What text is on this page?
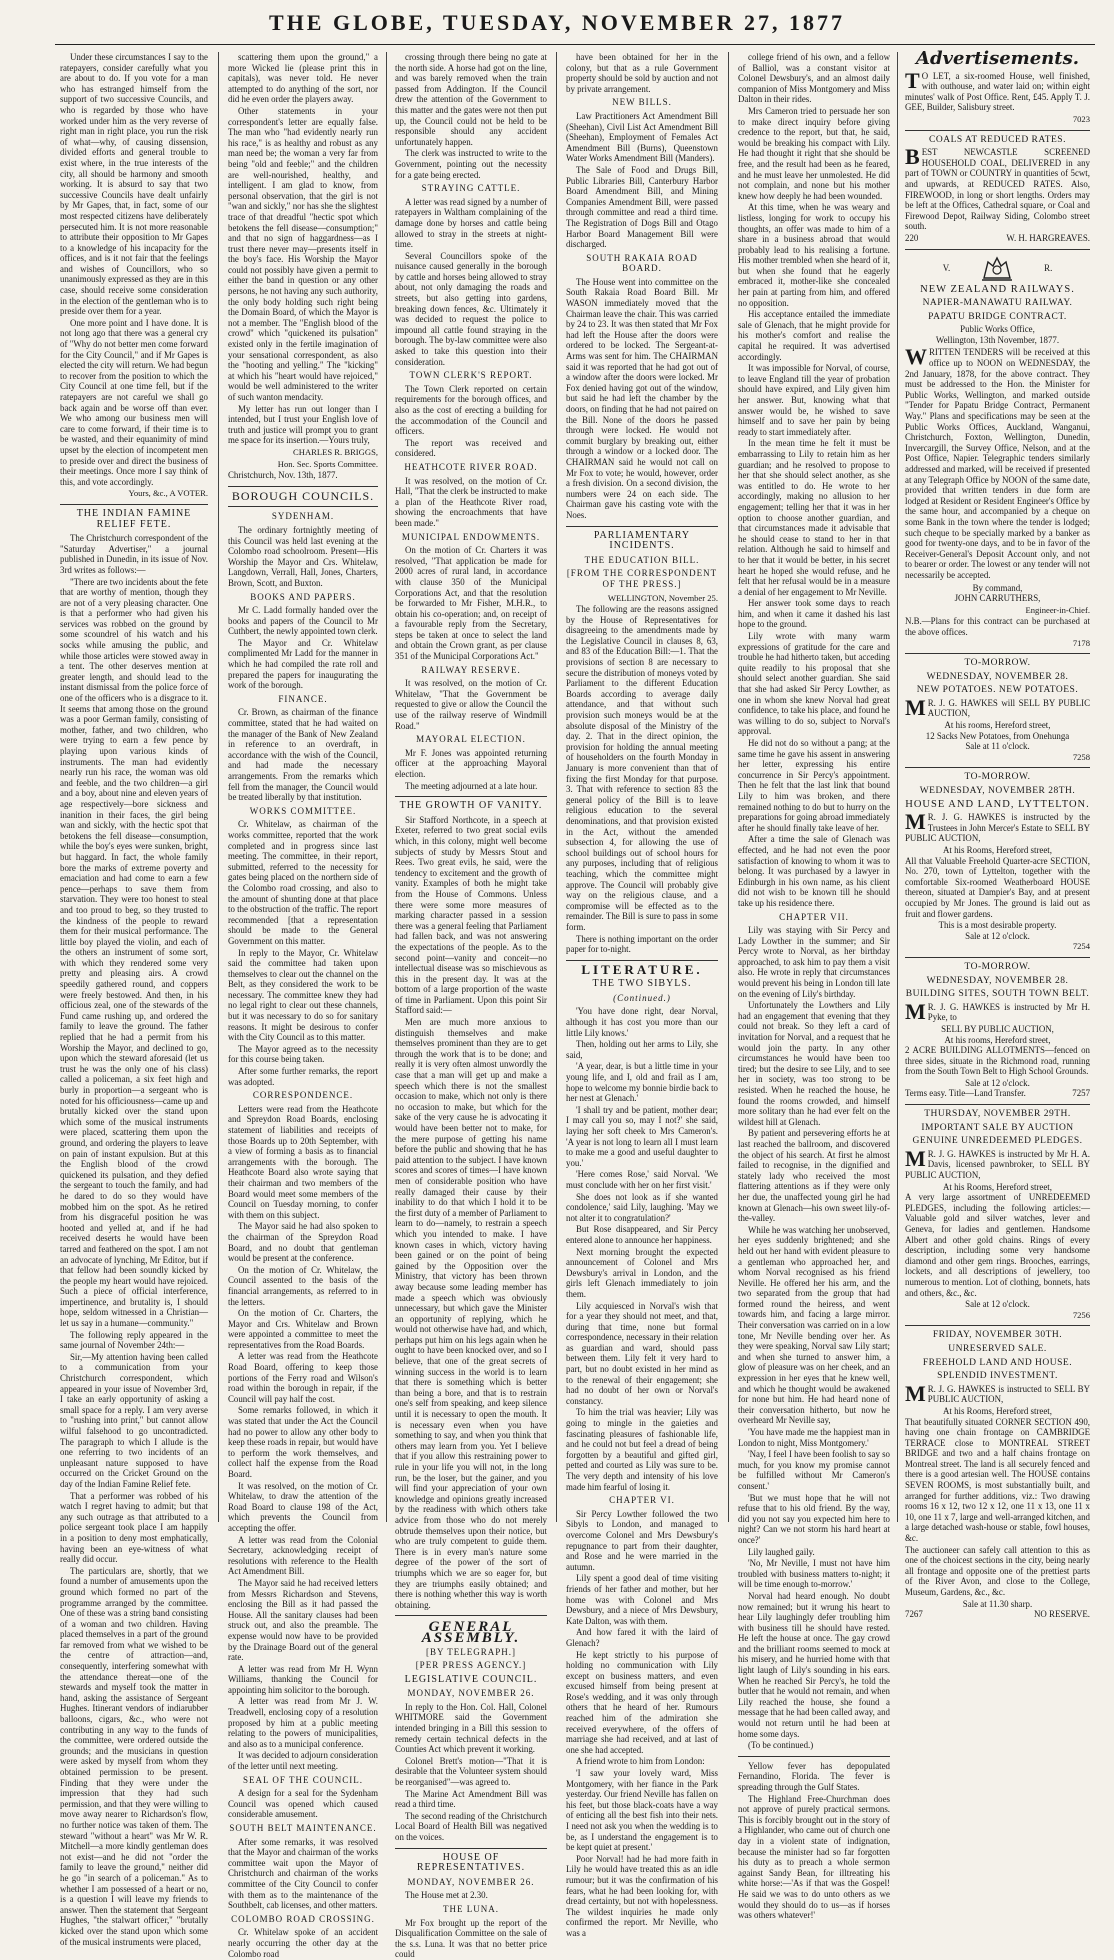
THE GLOBE, TUESDAY, NOVEMBER 27, 1877

Under these circumstances I say to the ratepayers, consider carefully what you are about to do. If you vote for a man who has estranged himself from the support of two successive Councils, and who is regarded by those who have worked under him as the very reverse of right man in right place, you run the risk of what—why, of causing dissension, divided efforts and general trouble to exist where, in the true interests of the city, all should be harmony and smooth working. It is absurd to say that two successive Councils have dealt unfairly by Mr Gapes, that, in fact, some of our most respected citizens have deliberately persecuted him. It is not more reasonable to attribute their opposition to Mr Gapes to a knowledge of his incapacity for the offices, and is it not fair that the feelings and wishes of Councillors, who so unanimously expressed as they are in this case, should receive some consideration in the election of the gentleman who is to preside over them for a year.

One more point and I have done. It is not long ago that there was a general cry of "Why do not better men come forward for the City Council," and if Mr Gapes is elected the city will return. We had begun to recover from the position to which the City Council at one time fell, but if the ratepayers are not careful we shall go back again and be worse off than ever. We who among our business men will care to come forward, if their time is to be wasted, and their equanimity of mind upset by the election of incompetent men to preside over and direct the business of their meetings. Once more I say think of this, and vote accordingly.

Yours, &c., A VOTER.
THE INDIAN FAMINE RELIEF FETE.

The Christchurch correspondent of the "Saturday Advertiser," a journal published in Dunedin, in its issue of Nov. 3rd writes as follows:—

"There are two incidents about the fete that are worthy of mention, though they are not of a very pleasing character. One is that a performer who had given his services was robbed on the ground by some scoundrel of his watch and his socks while amusing the public, and while those articles were stowed away in a tent. The other deserves mention at greater length, and should lead to the instant dismissal from the police force of one of the officers who is a disgrace to it. It seems that among those on the ground was a poor German family, consisting of mother, father, and two children, who were trying to earn a few pence by playing upon various kinds of instruments. The man had evidently nearly run his race, the woman was old and feeble, and the two children—a girl and a boy, about nine and eleven years of age respectively—bore sickness and inanition in their faces, the girl being wan and sickly, with the hectic spot that betokens the fell disease—consumption, while the boy's eyes were sunken, bright, but haggard. In fact, the whole family bore the marks of extreme poverty and emaciation and had come to earn a few pence—perhaps to save them from starvation. They were too honest to steal and too proud to beg, so they trusted to the kindness of the people to reward them for their musical performance. The little boy played the violin, and each of the others an instrument of some sort, with which they rendered some very pretty and pleasing airs. A crowd speedily gathered round, and coppers were freely bestowed. And then, in his officious zeal, one of the stewards of the Fund came rushing up, and ordered the family to leave the ground. The father replied that he had a permit from his Worship the Mayor, and declined to go, upon which the steward aforesaid (let us trust he was the only one of his class) called a policeman, a six feet high and burly in proportion—a sergeant who is noted for his officiousness—came up and brutally kicked over the stand upon which some of the musical instruments were placed, scattering them upon the ground, and ordering the players to leave on pain of instant expulsion. But at this the English blood of the crowd quickened its pulsation, and they defied the sergeant to touch the family, and had he dared to do so they would have mobbed him on the spot. As he retired from his disgraceful position he was hooted and yelled at, and if he had received deserts he would have been tarred and feathered on the spot. I am not an advocate of lynching, Mr Editor, but if that fellow had been soundly kicked by the people my heart would have rejoiced. Such a piece of official interference, impertinence, and brutality is, I should hope, seldom witnessed in a Christian—let us say in a humane—community."

The following reply appeared in the same journal of November 24th:—

Sir,—My attention having been called to a communication from your Christchurch correspondent, which appeared in your issue of November 3rd, I take an early opportunity of asking a small space for a reply. I am very averse to "rushing into print," but cannot allow wilful falsehood to go uncontradicted. The paragraph to which I allude is the one referring to two incidents of an unpleasant nature supposed to have occurred on the Cricket Ground on the day of the Indian Famine Relief fete.

That a performer was robbed of his watch I regret having to admit; but that any such outrage as that attributed to a police sergeant took place I am happily in a position to deny most emphatically, having been an eye-witness of what really did occur.

The particulars are, shortly, that we found a number of amusements upon the ground which formed no part of the programme arranged by the committee. One of these was a string band consisting of a woman and two children. Having placed themselves in a part of the ground far removed from what we wished to be the centre of attraction—and, consequently, interfering somewhat with the attendance thereat—one of the stewards and myself took the matter in hand, asking the assistance of Sergeant Hughes. Itinerant vendors of indiarubber balloons, cigars, &c., who were not contributing in any way to the funds of the committee, were ordered outside the grounds; and the musicians in question were asked by myself from whom they obtained permission to be present. Finding that they were under the impression that they had such permission, and that they were willing to move away nearer to Richardson's flow, no further notice was taken of them. The steward "without a heart" was Mr W. R. Mitchell—a more kindly gentleman does not exist—and he did not "order the family to leave the ground," neither did he go "in search of a policeman." As to whether I am possessed of a heart or no, is a question I will leave my friends to answer. Then the statement that Sergeant Hughes, "the stalwart officer," "brutally kicked over the stand upon which some of the musical instruments were placed,

scattering them upon the ground," a more Wicked lie (please print this in capitals), was never told. He never attempted to do anything of the sort, nor did he even order the players away.

Other statements in your correspondent's letter are equally false. The man who "had evidently nearly run his race," is as healthy and robust as any man need be; the woman a very far from being "old and feeble;" and the children are well-nourished, healthy, and intelligent. I am glad to know, from personal observation, that the girl is not "wan and sickly," nor has she the slightest trace of that dreadful "hectic spot which betokens the fell disease—consumption;" and that no sign of haggardness—as I trust there never may—presents itself in the boy's face. His Worship the Mayor could not possibly have given a permit to either the band in question or any other persons, he not having any such authority, the only body holding such right being the Domain Board, of which the Mayor is not a member. The "English blood of the crowd" which "quickened its pulsation" existed only in the fertile imagination of your sensational correspondent, as also the "hooting and yelling." The "kicking" at which his "heart would have rejoiced," would be well administered to the writer of such wanton mendacity.

My letter has run out longer than I intended, but I trust your English love of truth and justice will prompt you to grant me space for its insertion.—Yours truly,

CHARLES R. BRIGGS,
Hon. Sec. Sports Committee.
Christchurch, Nov. 13th, 1877.
BOROUGH COUNCILS.
SYDENHAM.

The ordinary fortnightly meeting of this Council was held last evening at the Colombo road schoolroom. Present—His Worship the Mayor and Crs. Whitelaw, Langdown, Verrall, Hall, Jones, Charters, Brown, Scott, and Buxton.

BOOKS AND PAPERS.

Mr C. Ladd formally handed over the books and papers of the Council to Mr Cuthbert, the newly appointed town clerk.

The Mayor and Cr. Whitelaw complimented Mr Ladd for the manner in which he had compiled the rate roll and prepared the papers for inaugurating the work of the borough.

FINANCE.

Cr. Brown, as chairman of the finance committee, stated that he had waited on the manager of the Bank of New Zealand in reference to an overdraft, in accordance with the wish of the Council, and had made the necessary arrangements. From the remarks which fell from the manager, the Council would be treated liberally by that institution.

WORKS COMMITTEE.

Cr. Whitelaw, as chairman of the works committee, reported that the work completed and in progress since last meeting. The committee, in their report, submitted, referred to the necessity for gates being placed on the northern side of the Colombo road crossing, and also to the amount of shunting done at that place to the obstruction of the traffic. The report recommended [that a representation should be made to the General Government on this matter.

In reply to the Mayor, Cr. Whitelaw said the committee had taken upon themselves to clear out the channel on the Belt, as they considered the work to be necessary. The committee knew they had no legal right to clear out these channels, but it was necessary to do so for sanitary reasons. It might be desirous to confer with the City Council as to this matter.

The Mayor agreed as to the necessity for this course being taken.

After some further remarks, the report was adopted.

CORRESPONDENCE.

Letters were read from the Heathcote and Spreydon Road Boards, enclosing statement of liabilities and receipts of those Boards up to 20th September, with a view of forming a basis as to financial arrangements with the borough. The Heathcote Board also wrote saying that their chairman and two members of the Board would meet some members of the Council on Tuesday morning, to confer with them on this subject.

The Mayor said he had also spoken to the chairman of the Spreydon Road Board, and no doubt that gentleman would be present at the conference.

On the motion of Cr. Whitelaw, the Council assented to the basis of the financial arrangements, as referred to in the letters.

On the motion of Cr. Charters, the Mayor and Crs. Whitelaw and Brown were appointed a committee to meet the representatives from the Road Boards.

A letter was read from the Heathcote Road Board, offering to keep those portions of the Ferry road and Wilson's road within the borough in repair, if the Council will pay half the cost.

Some remarks followed, in which it was stated that under the Act the Council had no power to allow any other body to keep these roads in repair, but would have to perform the work themselves, and collect half the expense from the Road Board.

It was resolved, on the motion of Cr. Whitelaw, to draw the attention of the Road Board to clause 198 of the Act, which prevents the Council from accepting the offer.

A letter was read from the Colonial Secretary, acknowledging receipt of resolutions with reference to the Health Act Amendment Bill.

The Mayor said he had received letters from Messrs Richardson and Stevens, enclosing the Bill as it had passed the House. All the sanitary clauses had been struck out, and also the preamble. The expense would now have to be provided by the Drainage Board out of the general rate.

A letter was read from Mr H. Wynn Williams, thanking the Council for appointing him solicitor to the borough.

A letter was read from Mr J. W. Treadwell, enclosing copy of a resolution proposed by him at a public meeting relating to the powers of municipalities, and also as to a municipal conference.

It was decided to adjourn consideration of the letter until next meeting.

SEAL OF THE COUNCIL.

A design for a seal for the Sydenham Council was opened which caused considerable amusement.

SOUTH BELT MAINTENANCE.

After some remarks, it was resolved that the Mayor and chairman of the works committee wait upon the Mayor of Christchurch and chairman of the works committee of the City Council to confer with them as to the maintenance of the Southbelt, cab licenses, and other matters.

COLOMBO ROAD CROSSING.

Cr. Whitelaw spoke of an accident nearly occurring the other day at the Colombo road

crossing through there being no gate at the north side. A horse had got on the line, and was barely removed when the train passed from Addington. If the Council drew the attention of the Government to this matter and the gates were not then put up, the Council could not be held to be responsible should any accident unfortunately happen.

The clerk was instructed to write to the Government, pointing out the necessity for a gate being erected.

STRAYING CATTLE.

A letter was read signed by a number of ratepayers in Waltham complaining of the damage done by horses and cattle being allowed to stray in the streets at night-time.

Several Councillors spoke of the nuisance caused generally in the borough by cattle and horses being allowed to stray about, not only damaging the roads and streets, but also getting into gardens, breaking down fences, &c. Ultimately it was decided to request the police to impound all cattle found straying in the borough. The by-law committee were also asked to take this question into their consideration.

TOWN CLERK'S REPORT.

The Town Clerk reported on certain requirements for the borough offices, and also as the cost of erecting a building for the accommodation of the Council and officers.

The report was received and considered.

HEATHCOTE RIVER ROAD.

It was resolved, on the motion of Cr. Hall, "That the clerk be instructed to make a plan of the Heathcote River road, showing the encroachments that have been made."

MUNICIPAL ENDOWMENTS.

On the motion of Cr. Charters it was resolved, "That application be made for 2000 acres of rural land, in accordance with clause 350 of the Municipal Corporations Act, and that the resolution be forwarded to Mr Fisher, M.H.R., to obtain his co-operation; and, on receipt of a favourable reply from the Secretary, steps be taken at once to select the land and obtain the Crown grant, as per clause 351 of the Municipal Corporations Act."

RAILWAY RESERVE.

It was resolved, on the motion of Cr. Whitelaw, "That the Government be requested to give or allow the Council the use of the railway reserve of Windmill Road."

MAYORAL ELECTION.

Mr F. Jones was appointed returning officer at the approaching Mayoral election.

The meeting adjourned at a late hour.

THE GROWTH OF VANITY.

Sir Stafford Northcote, in a speech at Exeter, referred to two great social evils which, in this colony, might well become subjects of study by Messrs Stout and Rees. Two great evils, he said, were the tendency to excitement and the growth of vanity. Examples of both he might take from the House of Commons. Unless there were some more measures of marking character passed in a session there was a general feeling that Parliament had fallen back, and was not answering the expectations of the people. As to the second point—vanity and conceit—no intellectual disease was so mischievous as this in the present day. It was at the bottom of a large proportion of the waste of time in Parliament. Upon this point Sir Stafford said:—

Men are much more anxious to distinguish themselves and make themselves prominent than they are to get through the work that is to be done; and really it is very often almost unwordly the case that a man will get up and make a speech which there is not the smallest occasion to make, which not only is there no occasion to make, but which for the sake of the very cause he is advocating it would have been better not to make, for the mere purpose of getting his name before the public and showing that he has paid attention to the subject. I have known scores and scores of times—I have known men of considerable position who have really damaged their cause by their inability to do that which I hold it to be the first duty of a member of Parliament to learn to do—namely, to restrain a speech which you intended to make. I have known cases in which, victory having been gained or on the point of being gained by the Opposition over the Ministry, that victory has been thrown away because some leading member has made a speech which was obviously unnecessary, but which gave the Minister an opportunity of replying, which he would not otherwise have had, and which, perhaps put him on his legs again when he ought to have been knocked over, and so I believe, that one of the great secrets of winning success in the world is to learn that there is something which is better than being a bore, and that is to restrain one's self from speaking, and keep silence until it is necessary to open the mouth. It is necessary even when you have something to say, and when you think that others may learn from you. Yet I believe that if you allow this restraining power to rule in your life you will not, in the long run, be the loser, but the gainer, and you will find your appreciation of your own knowledge and opinions greatly increased by the readiness with which others take advice from those who do not merely obtrude themselves upon their notice, but who are truly competent to guide them. There is in every man's nature some degree of the power of the sort of triumphs which we are so eager for, but they are triumphs easily obtained; and there is nothing whether this way is worth obtaining.

GENERAL ASSEMBLY.
[BY TELEGRAPH.]
[PER PRESS AGENCY.]
LEGISLATIVE COUNCIL.
MONDAY, NOVEMBER 26.

In reply to the Hon. Col. Hall, Colonel WHITMORE said the Government intended bringing in a Bill this session to remedy certain technical defects in the Counties Act which prevent it working.

Colonel Brett's motion—"That it is desirable that the Volunteer system should be reorganised"—was agreed to.

The Marine Act Amendment Bill was read a third time.

The second reading of the Christchurch Local Board of Health Bill was negatived on the voices.

HOUSE OF REPRESENTATIVES.
MONDAY, NOVEMBER 26.

The House met at 2.30.

THE LUNA.

Mr Fox brought up the report of the Disqualification Committee on the sale of the s.s. Luna. It was that no better price could

have been obtained for her in the colony, but that as a rule Government property should be sold by auction and not by private arrangement.

NEW BILLS.

Law Practitioners Act Amendment Bill (Sheehan), Civil List Act Amendment Bill (Sheehan), Employment of Females Act Amendment Bill (Burns), Queenstown Water Works Amendment Bill (Manders).

The Sale of Food and Drugs Bill, Public Libraries Bill, Canterbury Harbor Board Amendment Bill, and Mining Companies Amendment Bill, were passed through committee and read a third time. The Registration of Dogs Bill and Otago Harbor Board Management Bill were discharged.

SOUTH RAKAIA ROAD BOARD.

The House went into committee on the South Rakaia Road Board Bill. Mr WASON immediately moved that the Chairman leave the chair. This was carried by 24 to 23. It was then stated that Mr Fox had left the House after the doors were ordered to be locked. The Sergeant-at-Arms was sent for him. The CHAIRMAN said it was reported that he had got out of a window after the doors were locked. Mr Fox denied having got out of the window, but said he had left the chamber by the doors, on finding that he had not paired on the Bill. None of the doors he passed through were locked. He would not commit burglary by breaking out, either through a window or a locked door. The CHAIRMAN said he would not call on Mr Fox to vote; he would, however, order a fresh division. On a second division, the numbers were 24 on each side. The Chairman gave his casting vote with the Noes.

PARLIAMENTARY INCIDENTS.
THE EDUCATION BILL.
[FROM THE CORRESPONDENT OF THE PRESS.]
WELLINGTON, November 25.

The following are the reasons assigned by the House of Representatives for disagreeing to the amendments made by the Legislative Council in clauses 8, 63, and 83 of the Education Bill:—1. That the provisions of section 8 are necessary to secure the distribution of moneys voted by Parliament to the different Education Boards according to average daily attendance, and that without such provision such moneys would be at the absolute disposal of the Ministry of the day. 2. That in the direct opinion, the provision for holding the annual meeting of householders on the fourth Monday in January is more convenient than that of fixing the first Monday for that purpose. 3. That with reference to section 83 the general policy of the Bill is to leave religious education to the several denominations, and that provision existed in the Act, without the amended subsection 4, for allowing the use of school buildings out of school hours for any purposes, including that of religious teaching, which the committee might approve. The Council will probably give way on the religious clause, and a compromise will be effected as to the remainder. The Bill is sure to pass in some form.

There is nothing important on the order paper for to-night.

LITERATURE.
THE TWO SIBYLS.
(Continued.)

'You have done right, dear Norval, although it has cost you more than our little Lily knows.'

Then, holding out her arms to Lily, she said,

'A year, dear, is but a little time in your young life, and I, old and frail as I am, hope to welcome my bonnie birdie back to her nest at Glenach.'

'I shall try and be patient, mother dear; I may call you so, may I not?' she said, laying her soft cheek to Mrs Cameron's. 'A year is not long to learn all I must learn to make me a good and useful daughter to you.'

'Here comes Rose,' said Norval. 'We must conclude with her on her first visit.'

She does not look as if she wanted condolence,' said Lily, laughing. 'May we not alter it to congratulation?'

But Rose disappeared, and Sir Percy entered alone to announce her happiness.

Next morning brought the expected announcement of Colonel and Mrs Dewsbury's arrival in London, and the girls left Glenach immediately to join them.

Lily acquiesced in Norval's wish that for a year they should not meet, and that, during that time, none but formal correspondence, necessary in their relation as guardian and ward, should pass between them. Lily felt it very hard to part, but no doubt existed in her mind as to the renewal of their engagement; she had no doubt of her own or Norval's constancy.

To him the trial was heavier; Lily was going to mingle in the gaieties and fascinating pleasures of fashionable life, and he could not but feel a dread of being forgotten by a beautiful and gifted girl, petted and courted as Lily was sure to be. The very depth and intensity of his love made him fearful of losing it.

CHAPTER VI.

Sir Percy Lowther followed the two Sibyls to London, and managed to overcome Colonel and Mrs Dewsbury's repugnance to part from their daughter, and Rose and he were married in the autumn.

Lily spent a good deal of time visiting friends of her father and mother, but her home was with Colonel and Mrs Dewsbury, and a niece of Mrs Dewsbury, Kate Dalton, was with them.

And how fared it with the laird of Glenach?

He kept strictly to his purpose of holding no communication with Lily except on business matters, and even excused himself from being present at Rose's wedding, and it was only through others that he heard of her. Rumours reached him of the admiration she received everywhere, of the offers of marriage she had received, and at last of one she had accepted.

A friend wrote to him from London:

'I saw your lovely ward, Miss Montgomery, with her fiance in the Park yesterday. Our friend Neville has fallen on his feet, but those black-coats have a way of enticing all the best fish into their nets. I need not ask you when the wedding is to be, as I understand the engagement is to be kept quiet at present.'

Poor Norval! had he had more faith in Lily he would have treated this as an idle rumour; but it was the confirmation of his fears, what he had been looking for, with dread certainty, but not with hopelessness. The wildest inquiries he made only confirmed the report. Mr Neville, who was a

college friend of his own, and a fellow of Balliol, was a constant visitor at Colonel Dewsbury's, and an almost daily companion of Miss Montgomery and Miss Dalton in their rides.

Mrs Cameron tried to persuade her son to make direct inquiry before giving credence to the report, but that, he said, would be breaking his compact with Lily. He had thought it right that she should be free, and the result had been as he feared, and he must leave her unmolested. He did not complain, and none but his mother knew how deeply he had been wounded.

At this time, when he was weary and listless, longing for work to occupy his thoughts, an offer was made to him of a share in a business abroad that would probably lead to his realising a fortune. His mother trembled when she heard of it, but when she found that he eagerly embraced it, mother-like she concealed her pain at parting from him, and offered no opposition.

His acceptance entailed the immediate sale of Glenach, that he might provide for his mother's comfort and realise the capital he required. It was advertised accordingly.

It was impossible for Norval, of course, to leave England till the year of probation should have expired, and Lily given him her answer. But, knowing what that answer would be, he wished to save himself and to save her pain by being ready to start immediately after.

In the mean time he felt it must be embarrassing to Lily to retain him as her guardian; and he resolved to propose to her that she should select another, as she was entitled to do. He wrote to her accordingly, making no allusion to her engagement; telling her that it was in her option to choose another guardian, and that circumstances made it advisable that he should cease to stand to her in that relation. Although he said to himself and to her that it would be better, in his secret heart he hoped she would refuse, and he felt that her refusal would be in a measure a denial of her engagement to Mr Neville.

Her answer took some days to reach him, and when it came it dashed his last hope to the ground.

Lily wrote with many warm expressions of gratitude for the care and trouble he had hitherto taken, but acceding quite readily to his proposal that she should select another guardian. She said that she had asked Sir Percy Lowther, as one in whom she knew Norval had great confidence, to take his place, and found he was willing to do so, subject to Norval's approval.

He did not do so without a pang; at the same time he gave his assent in answering her letter, expressing his entire concurrence in Sir Percy's appointment. Then he felt that the last link that bound Lily to him was broken, and there remained nothing to do but to hurry on the preparations for going abroad immediately after he should finally take leave of her.

After a time the sale of Glenach was effected, and he had not even the poor satisfaction of knowing to whom it was to belong. It was purchased by a lawyer in Edinburgh in his own name, as his client did not wish to be known till he should take up his residence there.

CHAPTER VII.

Lily was staying with Sir Percy and Lady Lowther in the summer; and Sir Percy wrote to Norval, as her birthday approached, to ask him to pay them a visit also. He wrote in reply that circumstances would prevent his being in London till late on the evening of Lily's birthday.

Unfortunately the Lowthers and Lily had an engagement that evening that they could not break. So they left a card of invitation for Norval, and a request that he would join the party. In any other circumstances he would have been too tired; but the desire to see Lily, and to see her in society, was too strong to be resisted. When he reached the house, he found the rooms crowded, and himself more solitary than he had ever felt on the wildest hill at Glenach.

By patient and persevering efforts he at last reached the ballroom, and discovered the object of his search. At first he almost failed to recognise, in the dignified and stately lady who received the most flattering attentions as if they were only her due, the unaffected young girl he had known at Glenach—his own sweet lily-of-the-valley.

While he was watching her unobserved, her eyes suddenly brightened; and she held out her hand with evident pleasure to a gentleman who approached her, and whom Norval recognised as his friend Neville. He offered her his arm, and the two separated from the group that had formed round the heiress, and went towards him, and facing a large mirror. Their conversation was carried on in a low tone, Mr Neville bending over her. As they were speaking, Norval saw Lily start; and when she turned to answer him, a glow of pleasure was on her cheek, and an expression in her eyes that he knew well, and which he thought would be awakened for none but him. He had heard none of their conversation hitherto, but now he overheard Mr Neville say,

'You have made me the happiest man in London to night, Miss Montgomery.'

'Nay, I feel I have been foolish to say so much, for you know my promise cannot be fulfilled without Mr Cameron's consent.'

'But we must hope that he will not refuse that to his old friend. By the way, did you not say you expected him here to night? Can we not storm his hard heart at once?'

Lily laughed gaily.

'No, Mr Neville, I must not have him troubled with business matters to-night; it will be time enough to-morrow.'

Norval had heard enough. No doubt now remained; but it wrung his heart to hear Lily laughingly defer troubling him with business till he should have rested. He left the house at once. The gay crowd and the brilliant rooms seemed to mock at his misery, and he hurried home with that light laugh of Lily's sounding in his ears. When he reached Sir Percy's, he told the butler that he would not remain, and when Lily reached the house, she found a message that he had been called away, and would not return until he had been at home some days.

(To be continued.)

Yellow fever has depopulated Fernandino, Florida. The fever is spreading through the Gulf States.

The Highland Free-Churchman does not approve of purely practical sermons. This is forcibly brought out in the story of a Highlander, who came out of church one day in a violent state of indignation, because the minister had so far forgotten his duty as to preach a whole sermon against Sandy Bean, for illtreating his white horse:—'As if that was the Gospel! He said we was to do unto others as we would they should do to us—as if horses was others whatever!'

Advertisements.

T O LET, a six-roomed House, well finished, with outhouse, and water laid on; within eight minutes' walk of Post Office. Rent, £45. Apply T. J. GEE, Builder, Salisbury street.

7023
COALS AT REDUCED RATES.

BEST NEWCASTLE SCREENED HOUSEHOLD COAL, DELIVERED in any part of TOWN or COUNTRY in quantities of 5cwt, and upwards, at REDUCED RATES. Also, FIREWOOD, in long or short lengths. Orders may be left at the Offices, Cathedral square, or Coal and Firewood Depot, Railway Siding, Colombo street south.

220	W. H. HARGREAVES.
V.	R.
NEW ZEALAND RAILWAYS.
NAPIER-MANAWATU RAILWAY.
PAPATU BRIDGE CONTRACT.
Public Works Office,
Wellington, 13th November, 1877.

WRITTEN TENDERS will be received at this office up to NOON on WEDNESDAY, the 2nd January, 1878, for the above contract. They must be addressed to the Hon. the Minister for Public Works, Wellington, and marked outside "Tender for Papatu Bridge Contract, Permanent Way." Plans and specifications may be seen at the Public Works Offices, Auckland, Wanganui, Christchurch, Foxton, Wellington, Dunedin, Invercargill, the Survey Office, Nelson, and at the Post Office, Napier. Telegraphic tenders similarly addressed and marked, will be received if presented at any Telegraph Office by NOON of the same date, provided that written tenders in due form are lodged at Resident or Resident Engineer's Office by the same hour, and accompanied by a cheque on some Bank in the town where the tender is lodged; such cheque to be specially marked by a banker as good for twenty-one days, and to be in favor of the Receiver-General's Deposit Account only, and not to bearer or order. The lowest or any tender will not necessarily be accepted.

By command,
JOHN CARRUTHERS,
Engineer-in-Chief.
N.B.—Plans for this contract can be purchased at the above offices.
7178
TO-MORROW.
WEDNESDAY, NOVEMBER 28.
NEW POTATOES. NEW POTATOES.

M R. J. G. HAWKES will SELL BY PUBLIC AUCTION,

At his rooms, Hereford street,
12 Sacks New Potatoes, from Onehunga
Sale at 11 o'clock.
7258
TO-MORROW.
WEDNESDAY, NOVEMBER 28TH.
HOUSE AND LAND, LYTTELTON.

M R. J. G. HAWKES is instructed by the Trustees in John Mercer's Estate to SELL BY PUBLIC AUCTION,

At his Rooms, Hereford street,

All that Valuable Freehold Quarter-acre SECTION, No. 270, town of Lyttelton, together with the comfortable Six-roomed Weatherboard HOUSE thereon, situated at Dampier's Bay, and at present occupied by Mr Jones. The ground is laid out as fruit and flower gardens.

This is a most desirable property.
Sale at 12 o'clock.
7254
TO-MORROW.
WEDNESDAY, NOVEMBER 28.
BUILDING SITES, SOUTH TOWN BELT.

M R. J. G. HAWKES is instructed by Mr H. Pyke, to

SELL BY PUBLIC AUCTION,
At his rooms, Hereford street,

2 ACRE BUILDING ALLOTMENTS—fenced on three sides, situate in the Richmond road, running from the South Town Belt to High School Grounds.

Sale at 12 o'clock.
Terms easy. Title—Land Transfer.	7257
THURSDAY, NOVEMBER 29TH.
IMPORTANT SALE BY AUCTION
GENUINE UNREDEEMED PLEDGES.

M R. J. G. HAWKES is instructed by Mr H. A. Davis, licensed pawnbroker, to SELL BY PUBLIC AUCTION,

At his Rooms, Hereford street,

A very large assortment of UNREDEEMED PLEDGES, including the following articles:—Valuable gold and silver watches, lever and Geneva, for ladies and gentlemen. Handsome Albert and other gold chains. Rings of every description, including some very handsome diamond and other gem rings. Brooches, earrings, lockets, and all descriptions of jewellery, too numerous to mention. Lot of clothing, bonnets, hats and others, &c., &c.

Sale at 12 o'clock.
7256
FRIDAY, NOVEMBER 30TH.
UNRESERVED SALE.
FREEHOLD LAND AND HOUSE.
SPLENDID INVESTMENT.

M R. J. G. HAWKES is instructed to SELL BY PUBLIC AUCTION,

At his Rooms, Hereford street,

That beautifully situated CORNER SECTION 490, having one chain frontage on CAMBRIDGE TERRACE close to MONTREAL STREET BRIDGE and two and a half chains frontage on Montreal street. The land is all securely fenced and there is a good artesian well. The HOUSE contains SEVEN ROOMS, is most substantially built, and arranged for further additions, viz.: Two drawing rooms 16 x 12, two 12 x 12, one 11 x 13, one 11 x 10, one 11 x 7, large and well-arranged kitchen, and a large detached wash-house or stable, fowl houses, &c.

The auctioneer can safely call attention to this as one of the choicest sections in the city, being nearly all frontage and opposite one of the prettiest parts of the River Avon, and close to the College, Museum, Gardens, &c., &c.

Sale at 11.30 sharp.
7267	NO RESERVE.
